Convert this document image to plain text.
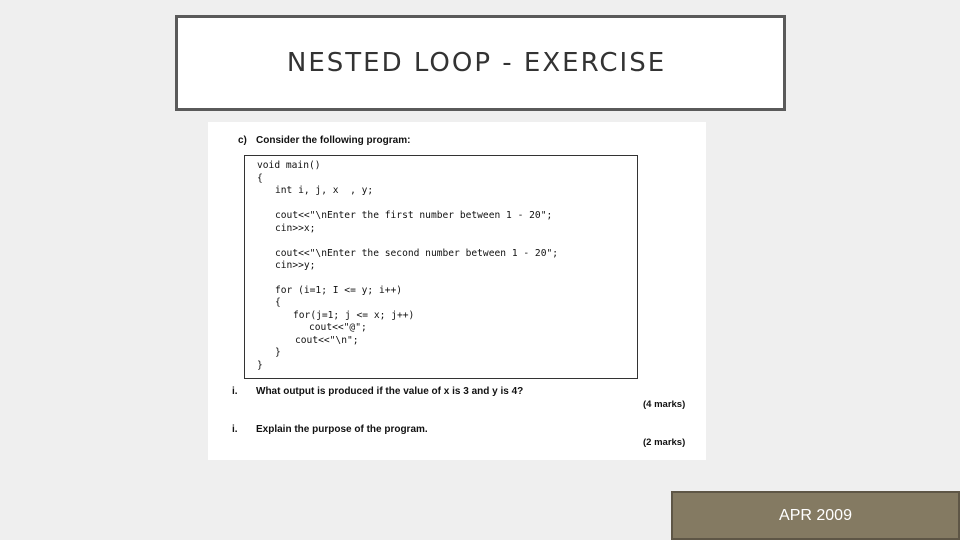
NESTED LOOP - EXERCISE
c) Consider the following program:
void main()
{
int i, j, x  , y;
cout<<"\nEnter the first number between 1 - 20";
cin>>x;
cout<<"\nEnter the second number between 1 - 20";
cin>>y;
for (i=1; I <= y; i++)
{
for(j=1; j <= x; j++)
cout<<"@";
cout<<"\n";
}
}
i. What output is produced if the value of x is 3 and y is 4?
(4 marks)
i. Explain the purpose of the program.
(2 marks)
APR 2009
